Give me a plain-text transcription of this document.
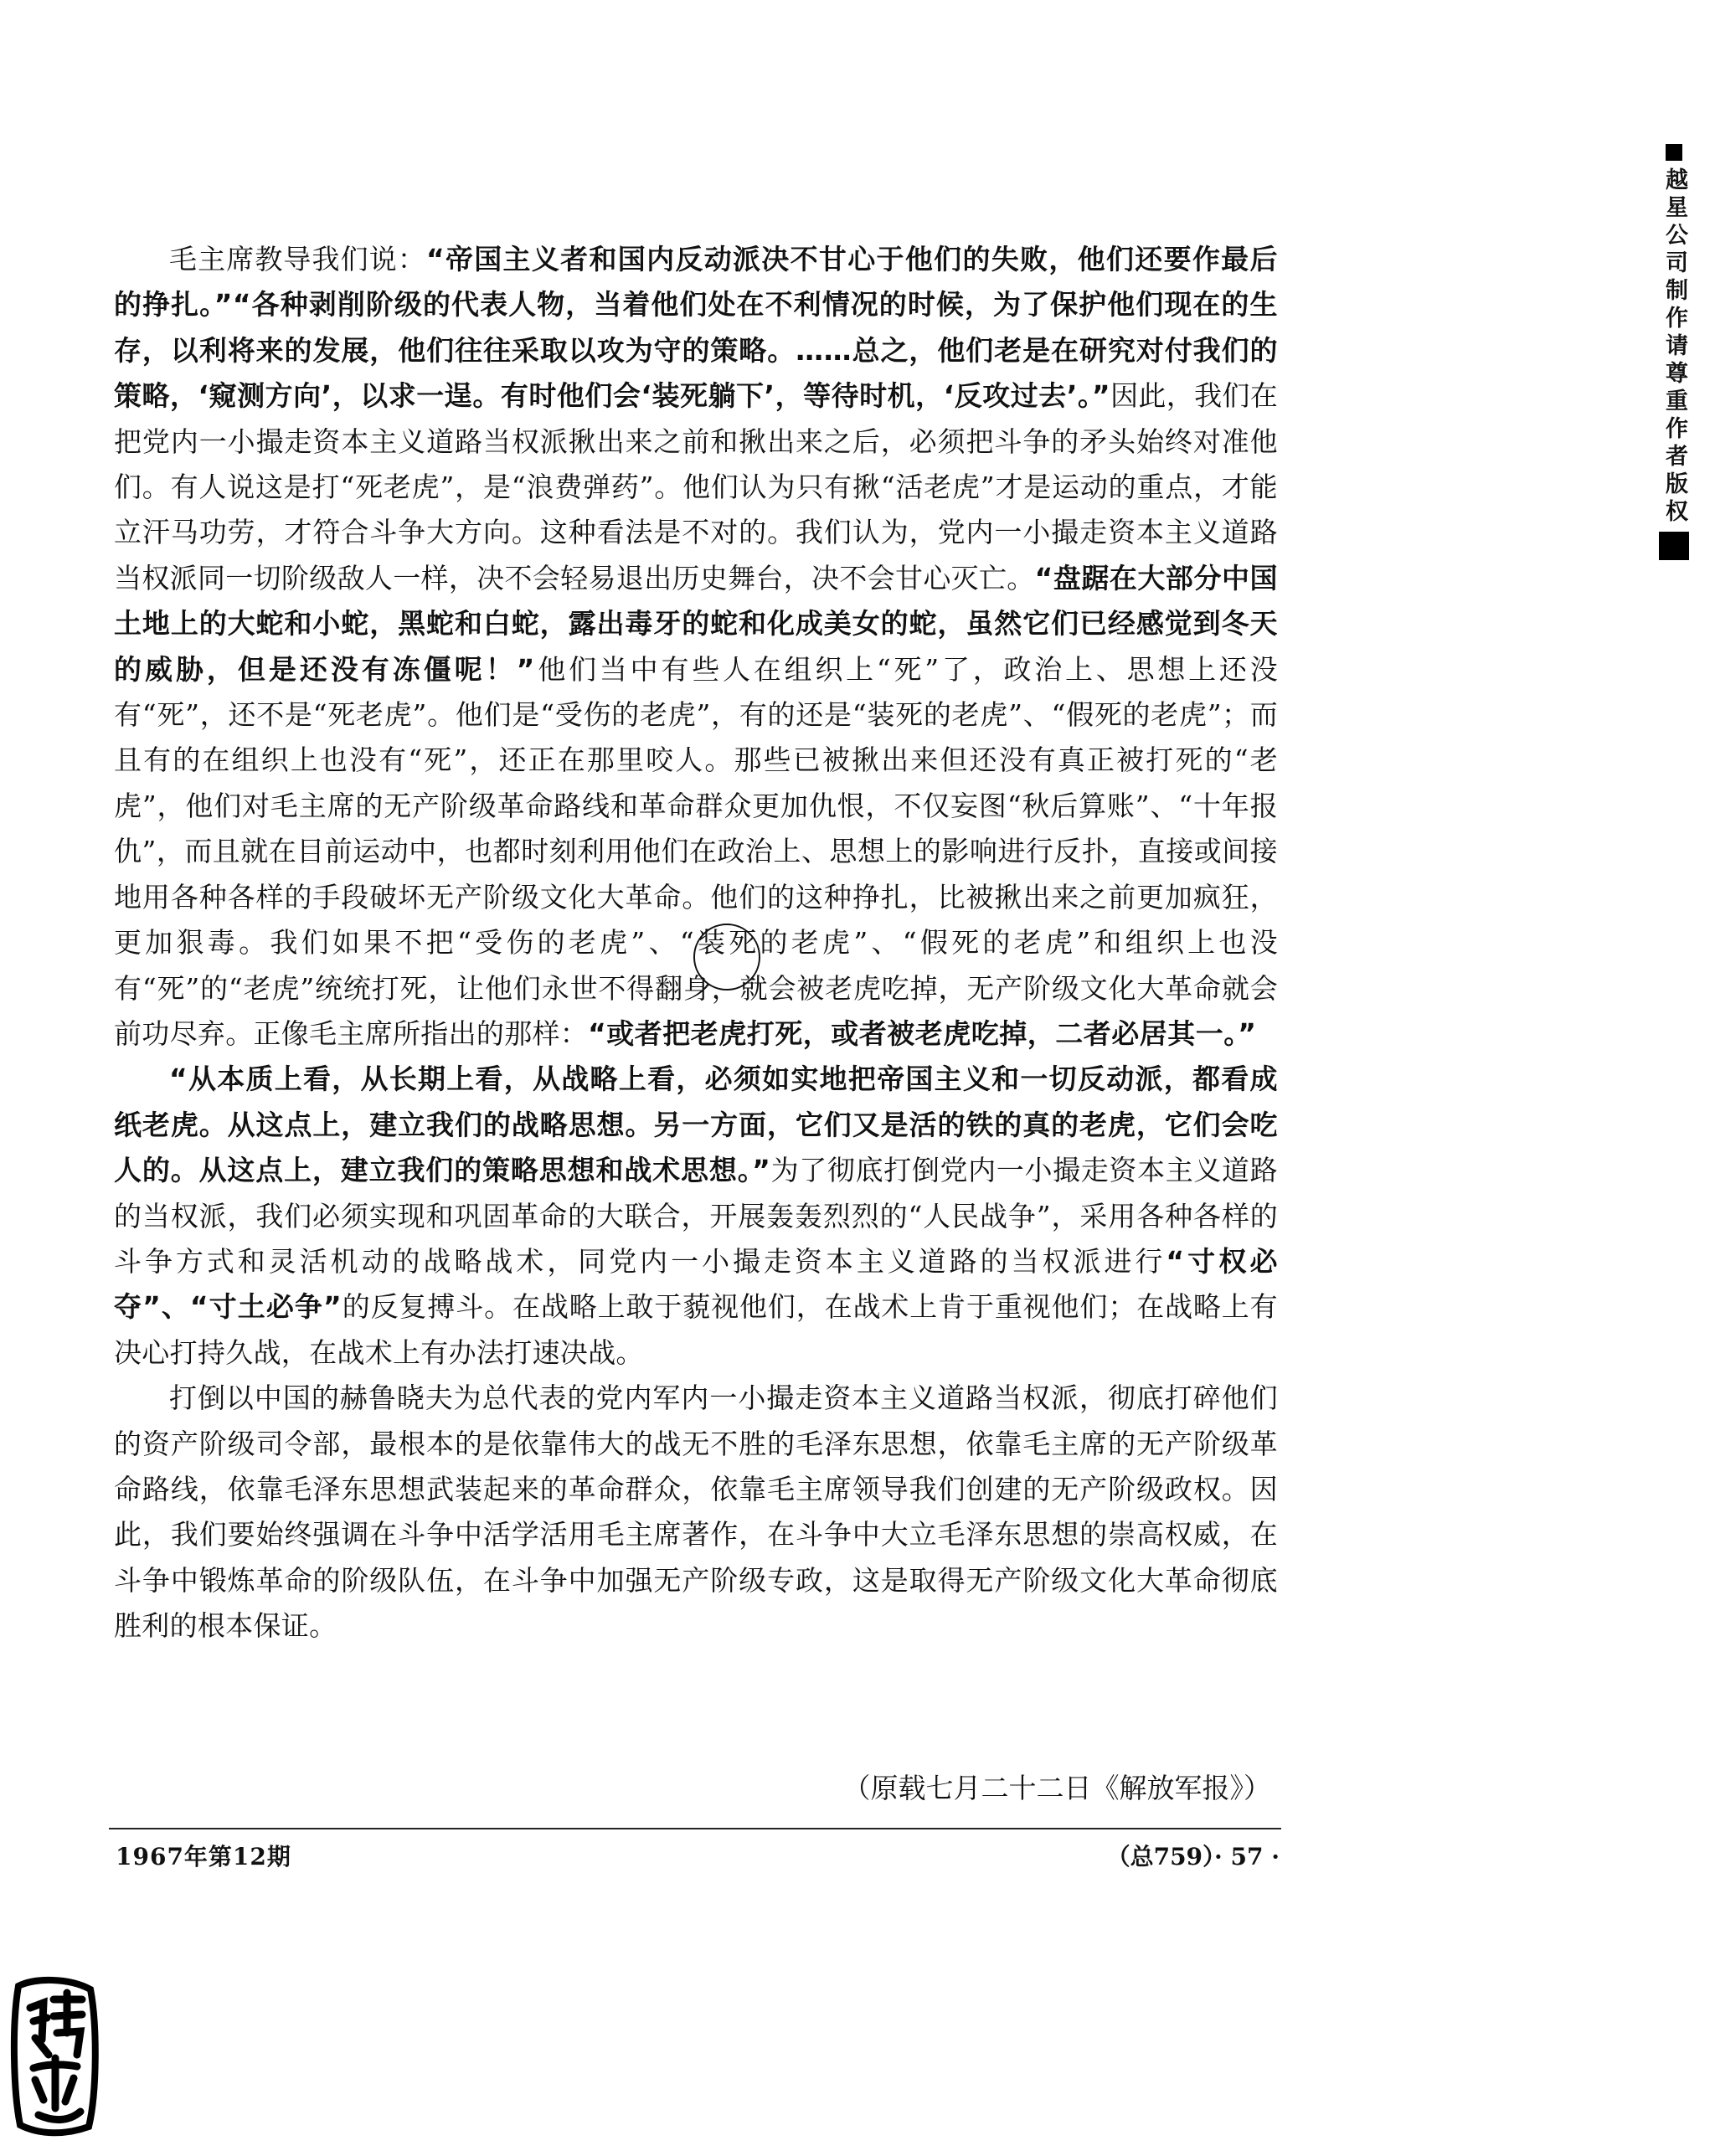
越星公司制作请尊重作者版权

毛主席教导我们说：“帝国主义者和国内反动派决不甘心于他们的失败，他们还要作最后的挣扎。”“各种剥削阶级的代表人物，当着他们处在不利情况的时候，为了保护他们现在的生存，以利将来的发展，他们往往采取以攻为守的策略。……总之，他们老是在研究对付我们的策略，‘窥测方向’，以求一逞。有时他们会‘装死躺下’，等待时机，‘反攻过去’。”因此，我们在把党内一小撮走资本主义道路当权派揪出来之前和揪出来之后，必须把斗争的矛头始终对准他们。有人说这是打“死老虎”，是“浪费弹药”。他们认为只有揪“活老虎”才是运动的重点，才能立汗马功劳，才符合斗争大方向。这种看法是不对的。我们认为，党内一小撮走资本主义道路当权派同一切阶级敌人一样，决不会轻易退出历史舞台，决不会甘心灭亡。“盘踞在大部分中国土地上的大蛇和小蛇，黑蛇和白蛇，露出毒牙的蛇和化成美女的蛇，虽然它们已经感觉到冬天的威胁，但是还没有冻僵呢！”他们当中有些人在组织上“死”了，政治上、思想上还没有“死”，还不是“死老虎”。他们是“受伤的老虎”，有的还是“装死的老虎”、“假死的老虎”；而且有的在组织上也没有“死”，还正在那里咬人。那些已被揪出来但还没有真正被打死的“老虎”，他们对毛主席的无产阶级革命路线和革命群众更加仇恨，不仅妄图“秋后算账”、“十年报仇”，而且就在目前运动中，也都时刻利用他们在政治上、思想上的影响进行反扑，直接或间接地用各种各样的手段破坏无产阶级文化大革命。他们的这种挣扎，比被揪出来之前更加疯狂，更加狠毒。我们如果不把“受伤的老虎”、“装死的老虎”、“假死的老虎”和组织上也没有“死”的“老虎”统统打死，让他们永世不得翻身，就会被老虎吃掉，无产阶级文化大革命就会前功尽弃。正像毛主席所指出的那样：“或者把老虎打死，或者被老虎吃掉，二者必居其一。”

“从本质上看，从长期上看，从战略上看，必须如实地把帝国主义和一切反动派，都看成纸老虎。从这点上，建立我们的战略思想。另一方面，它们又是活的铁的真的老虎，它们会吃人的。从这点上，建立我们的策略思想和战术思想。”为了彻底打倒党内一小撮走资本主义道路的当权派，我们必须实现和巩固革命的大联合，开展轰轰烈烈的“人民战争”，采用各种各样的斗争方式和灵活机动的战略战术，同党内一小撮走资本主义道路的当权派进行“寸权必夺”、“寸土必争”的反复搏斗。在战略上敢于藐视他们，在战术上肯于重视他们；在战略上有决心打持久战，在战术上有办法打速决战。

打倒以中国的赫鲁晓夫为总代表的党内军内一小撮走资本主义道路当权派，彻底打碎他们的资产阶级司令部，最根本的是依靠伟大的战无不胜的毛泽东思想，依靠毛主席的无产阶级革命路线，依靠毛泽东思想武装起来的革命群众，依靠毛主席领导我们创建的无产阶级政权。因此，我们要始终强调在斗争中活学活用毛主席著作，在斗争中大立毛泽东思想的崇高权威，在斗争中锻炼革命的阶级队伍，在斗争中加强无产阶级专政，这是取得无产阶级文化大革命彻底胜利的根本保证。

（原载七月二十二日《解放军报》）
1967年第12期	（总759）· 57 ·
